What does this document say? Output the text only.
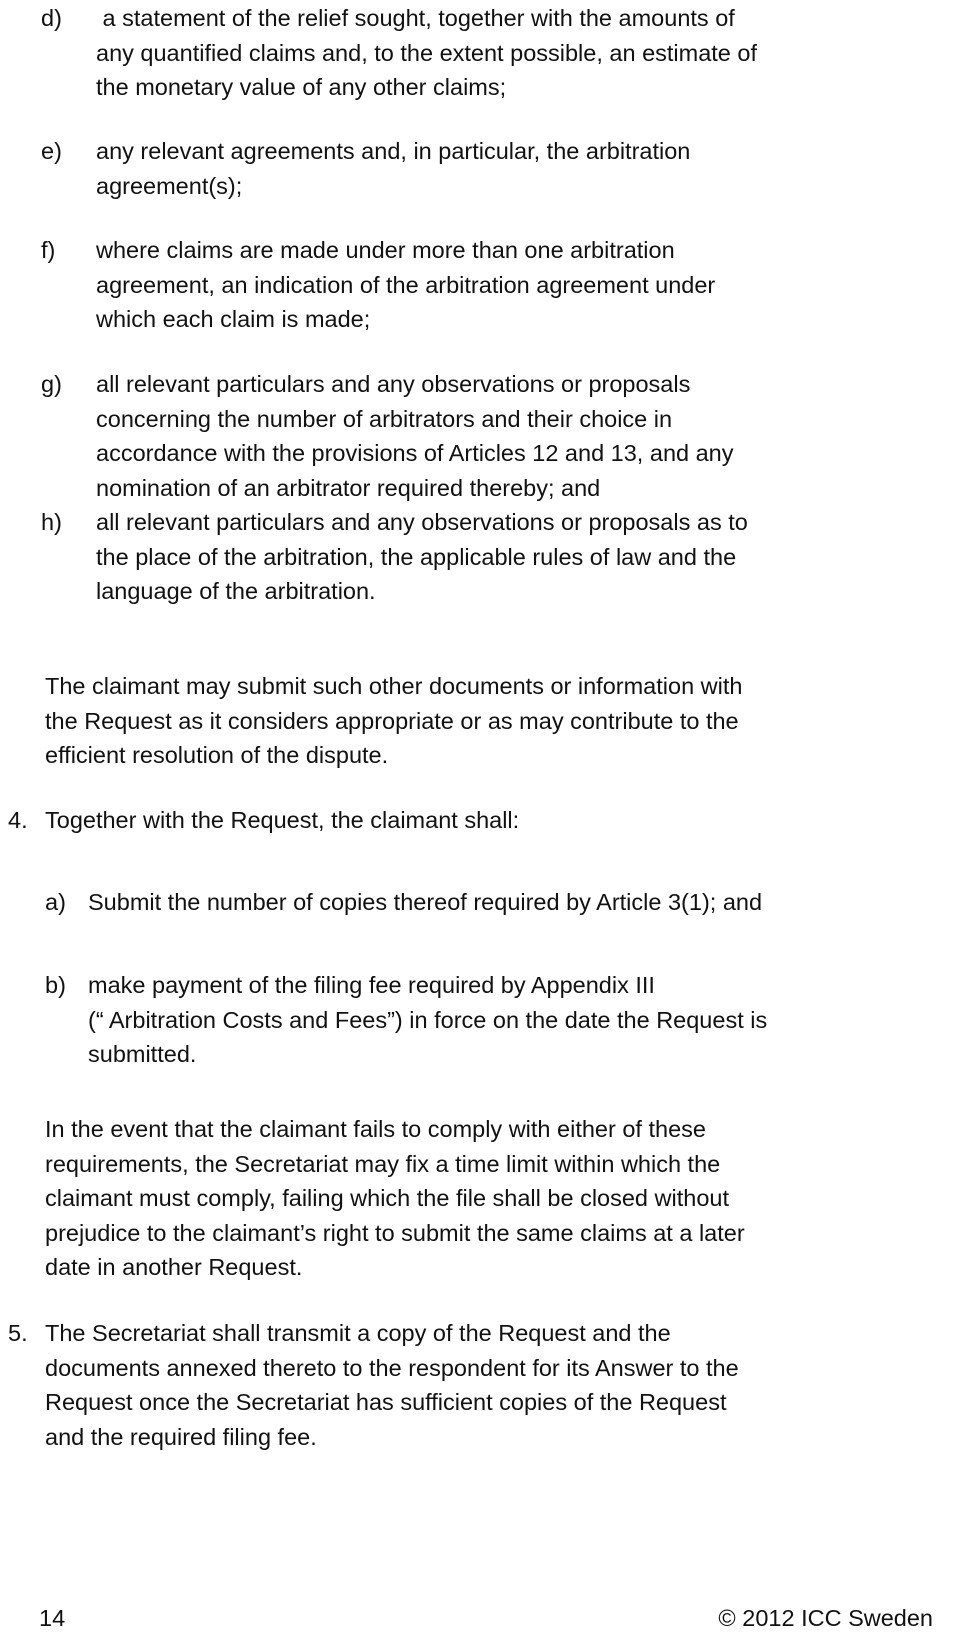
d) a statement of the relief sought, together with the amounts of
any quantified claims and, to the extent possible, an estimate of
the monetary value of any other claims;
e) any relevant agreements and, in particular, the arbitration
agreement(s);
f) where claims are made under more than one arbitration
agreement, an indication of the arbitration agreement under
which each claim is made;
g) all relevant particulars and any observations or proposals
concerning the number of arbitrators and their choice in
accordance with the provisions of Articles 12 and 13, and any
nomination of an arbitrator required thereby; and
h) all relevant particulars and any observations or proposals as to
the place of the arbitration, the applicable rules of law and the
language of the arbitration.
The claimant may submit such other documents or information with
the Request as it considers appropriate or as may contribute to the
efficient resolution of the dispute.
4. Together with the Request, the claimant shall:
a) Submit the number of copies thereof required by Article 3(1); and
b) make payment of the filing fee required by Appendix III
(“ Arbitration Costs and Fees”) in force on the date the Request is
submitted.
In the event that the claimant fails to comply with either of these
requirements, the Secretariat may fix a time limit within which the
claimant must comply, failing which the file shall be closed without
prejudice to the claimant’s right to submit the same claims at a later
date in another Request.
5. The Secretariat shall transmit a copy of the Request and the
documents annexed thereto to the respondent for its Answer to the
Request once the Secretariat has sufficient copies of the Request
and the required filing fee.
14	© 2012 ICC Sweden
